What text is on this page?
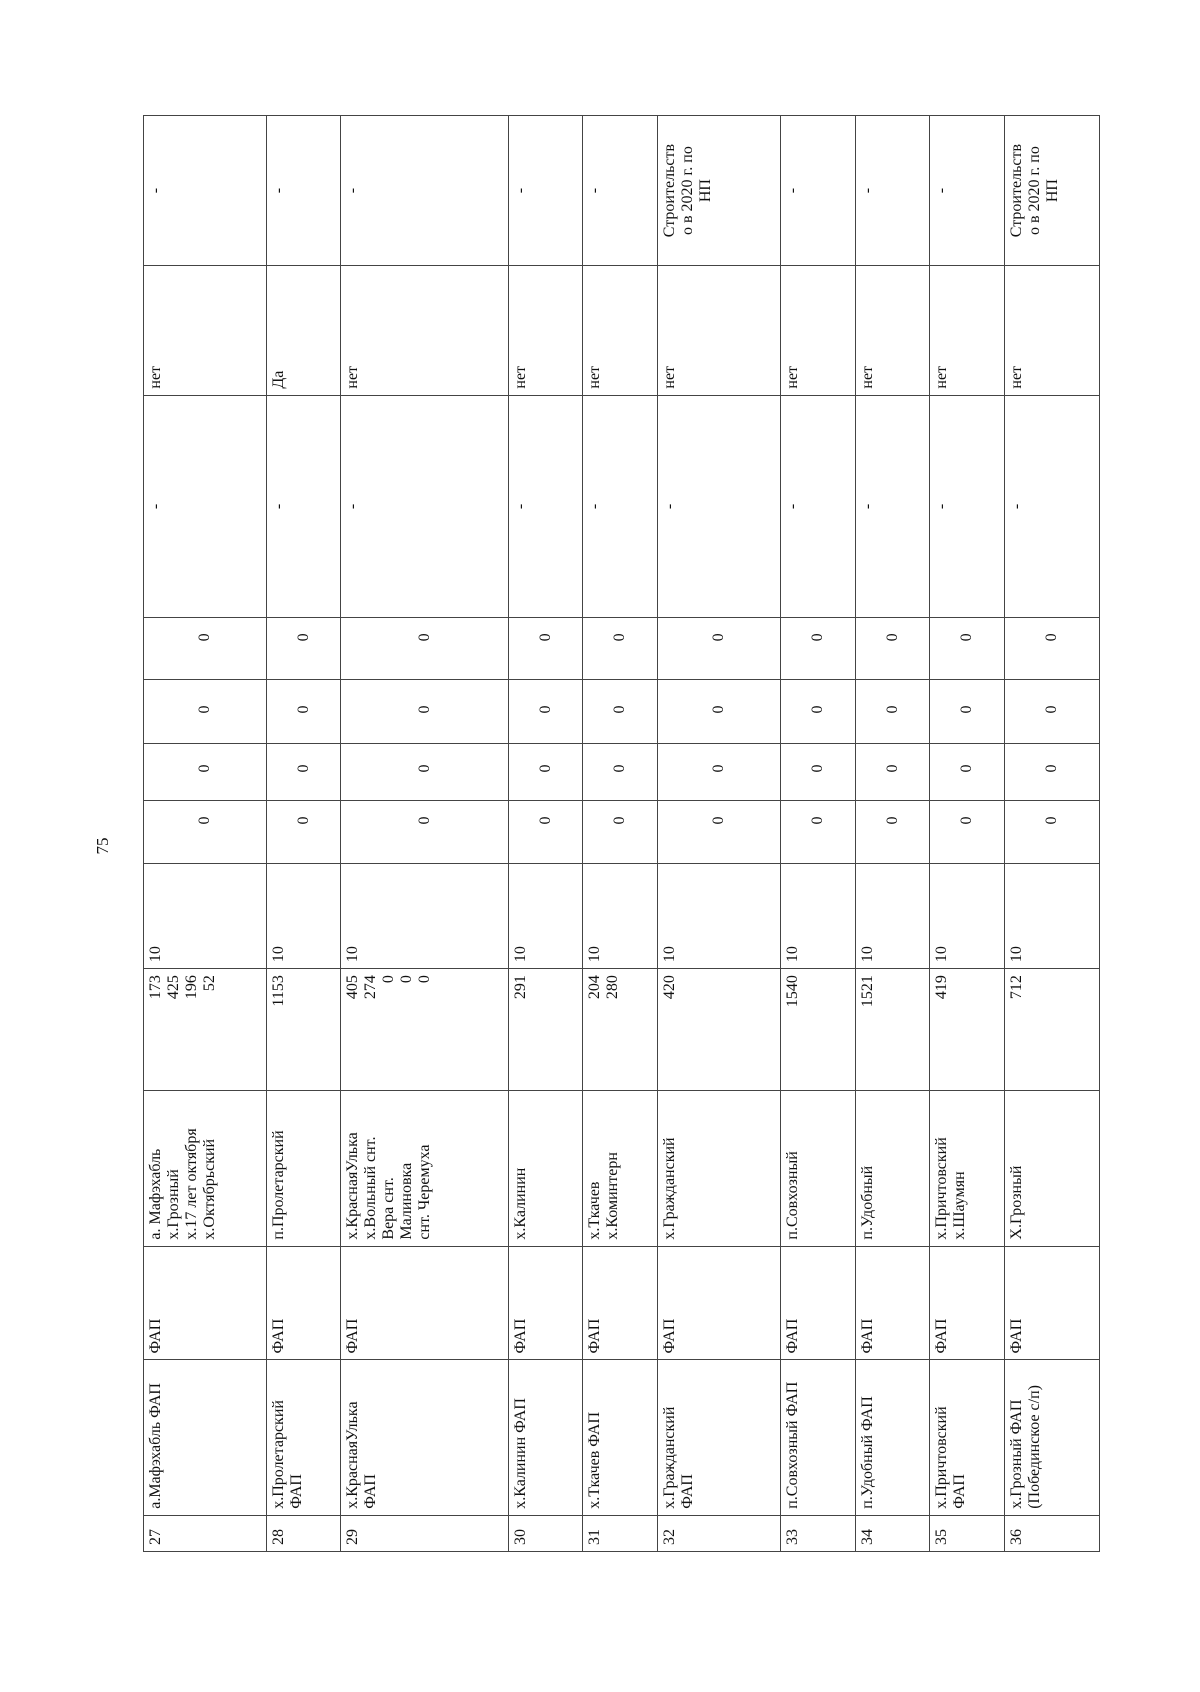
75
27	а.Мафэхабль ФАП	ФАП	а. Мафэхабль
х.Грозный
х.17 лет октября
х.Октябрьский	173
425
196
52	10	0	0	0	0	-	нет	-
28	х.Пролетарский
ФАП	ФАП	п.Пролетарский	1153	10	0	0	0	0	-	Да	-
29	х.КраснаяУлька
ФАП	ФАП	х.КраснаяУлька
х.Вольный снт.
Вера снт.
Малиновка
снт. Черемуха	405
274
0
0
0	10	0	0	0	0	-	нет	-
30	х.Калинин ФАП	ФАП	х.Калинин	291	10	0	0	0	0	-	нет	-
31	х.Ткачев ФАП	ФАП	х.Ткачев
х.Коминтерн	204
280	10	0	0	0	0	-	нет	-
32	х.Гражданский
ФАП	ФАП	х.Гражданский	420	10	0	0	0	0	-	нет	Строительств
о в 2020 г. по
НП
33	п.Совхозный ФАП	ФАП	п.Совхозный	1540	10	0	0	0	0	-	нет	-
34	п.Удобный ФАП	ФАП	п.Удобный	1521	10	0	0	0	0	-	нет	-
35	х.Причтовский
ФАП	ФАП	х.Причтовский
х.Шаумян	419	10	0	0	0	0	-	нет	-
36	х.Грозный ФАП
(Побединское с/п)	ФАП	Х.Грозный	712	10	0	0	0	0	-	нет	Строительств
о в 2020 г. по
НП
